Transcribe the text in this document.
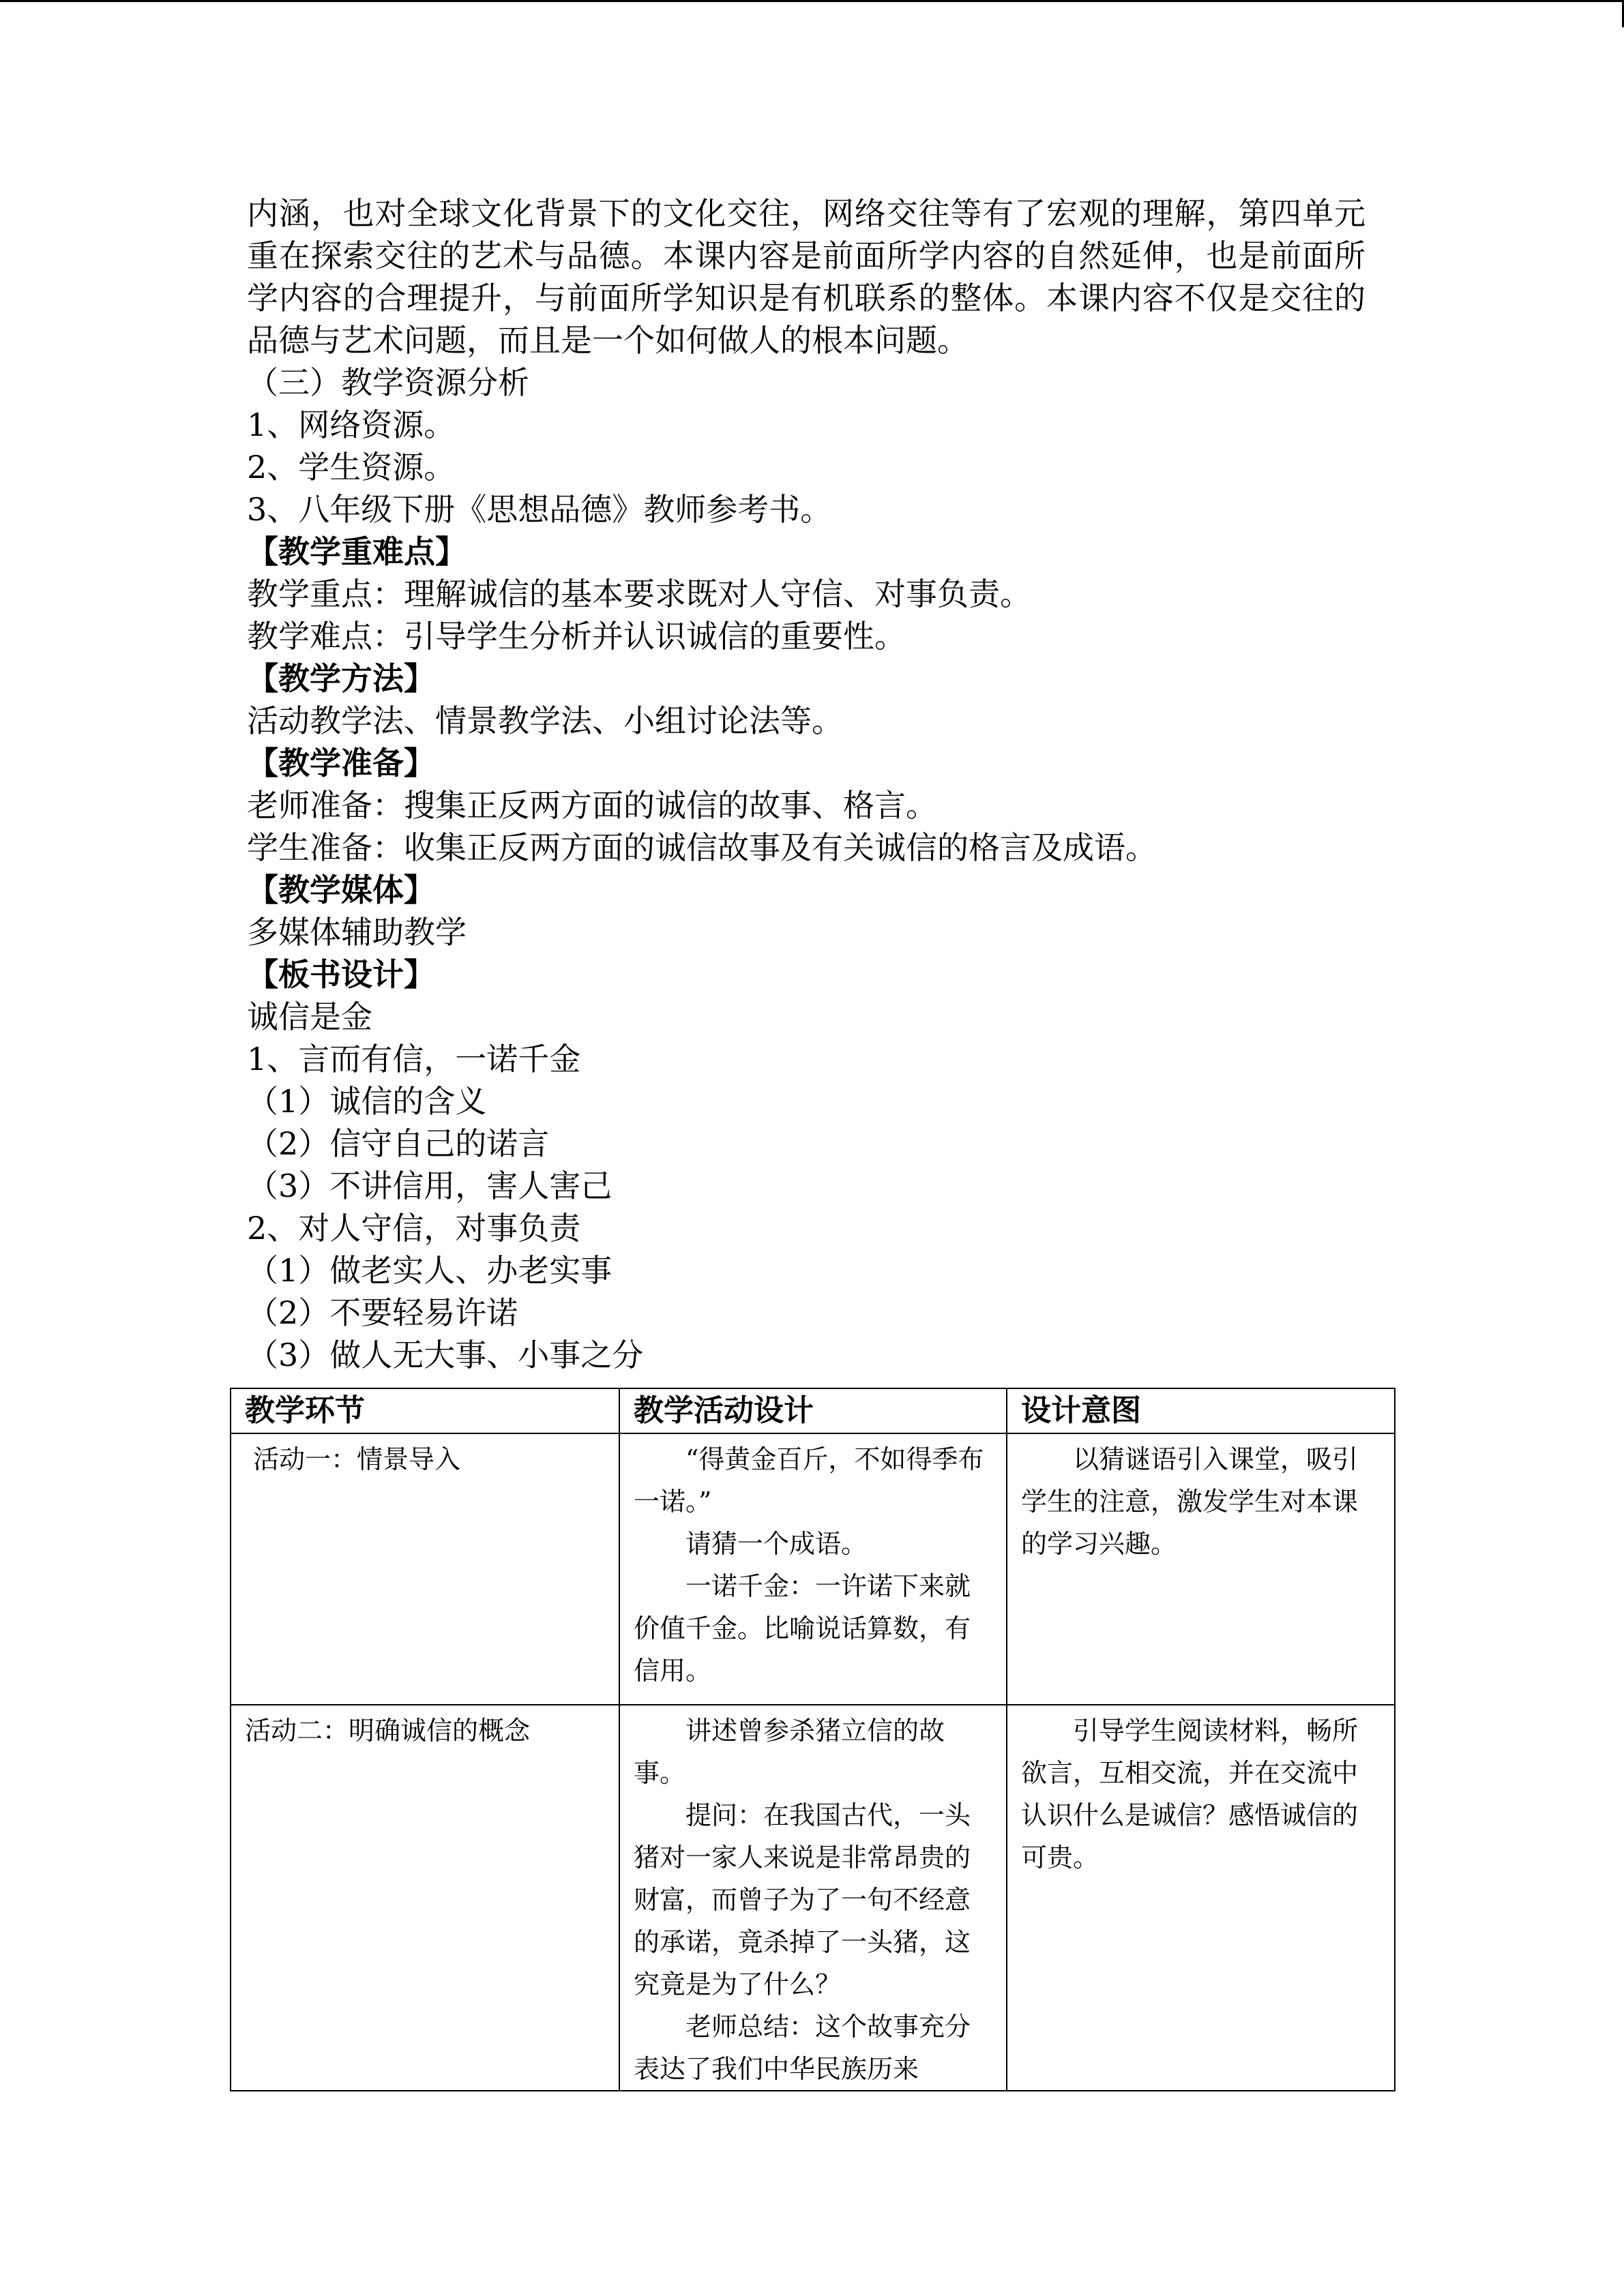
内涵，也对全球文化背景下的文化交往，网络交往等有了宏观的理解，第四单元重在探索交往的艺术与品德。本课内容是前面所学内容的自然延伸，也是前面所学内容的合理提升，与前面所学知识是有机联系的整体。本课内容不仅是交往的品德与艺术问题，而且是一个如何做人的根本问题。

（三）教学资源分析

1、网络资源。

2、学生资源。

3、八年级下册《思想品德》教师参考书。

【教学重难点】

教学重点：理解诚信的基本要求既对人守信、对事负责。

教学难点：引导学生分析并认识诚信的重要性。

【教学方法】

活动教学法、情景教学法、小组讨论法等。

【教学准备】

老师准备：搜集正反两方面的诚信的故事、格言。

学生准备：收集正反两方面的诚信故事及有关诚信的格言及成语。

【教学媒体】

多媒体辅助教学

【板书设计】

诚信是金

1、言而有信，一诺千金

（1）诚信的含义

（2）信守自己的诺言

（3）不讲信用，害人害己

2、对人守信，对事负责

（1）做老实人、办老实事

（2）不要轻易许诺

（3）做人无大事、小事之分

教学环节	教学活动设计	设计意图

活动一：情景导入	“得黄金百斤，不如得季布一诺。”

请猜一个成语。

一诺千金：一许诺下来就价值千金。比喻说话算数，有信用。	以猜谜语引入课堂，吸引学生的注意，激发学生对本课的学习兴趣。

活动二：明确诚信的概念	讲述曾参杀猪立信的故事。

提问：在我国古代，一头猪对一家人来说是非常昂贵的财富，而曾子为了一句不经意的承诺，竟杀掉了一头猪，这究竟是为了什么？

老师总结：这个故事充分表达了我们中华民族历来	引导学生阅读材料，畅所欲言，互相交流，并在交流中认识什么是诚信？感悟诚信的可贵。
